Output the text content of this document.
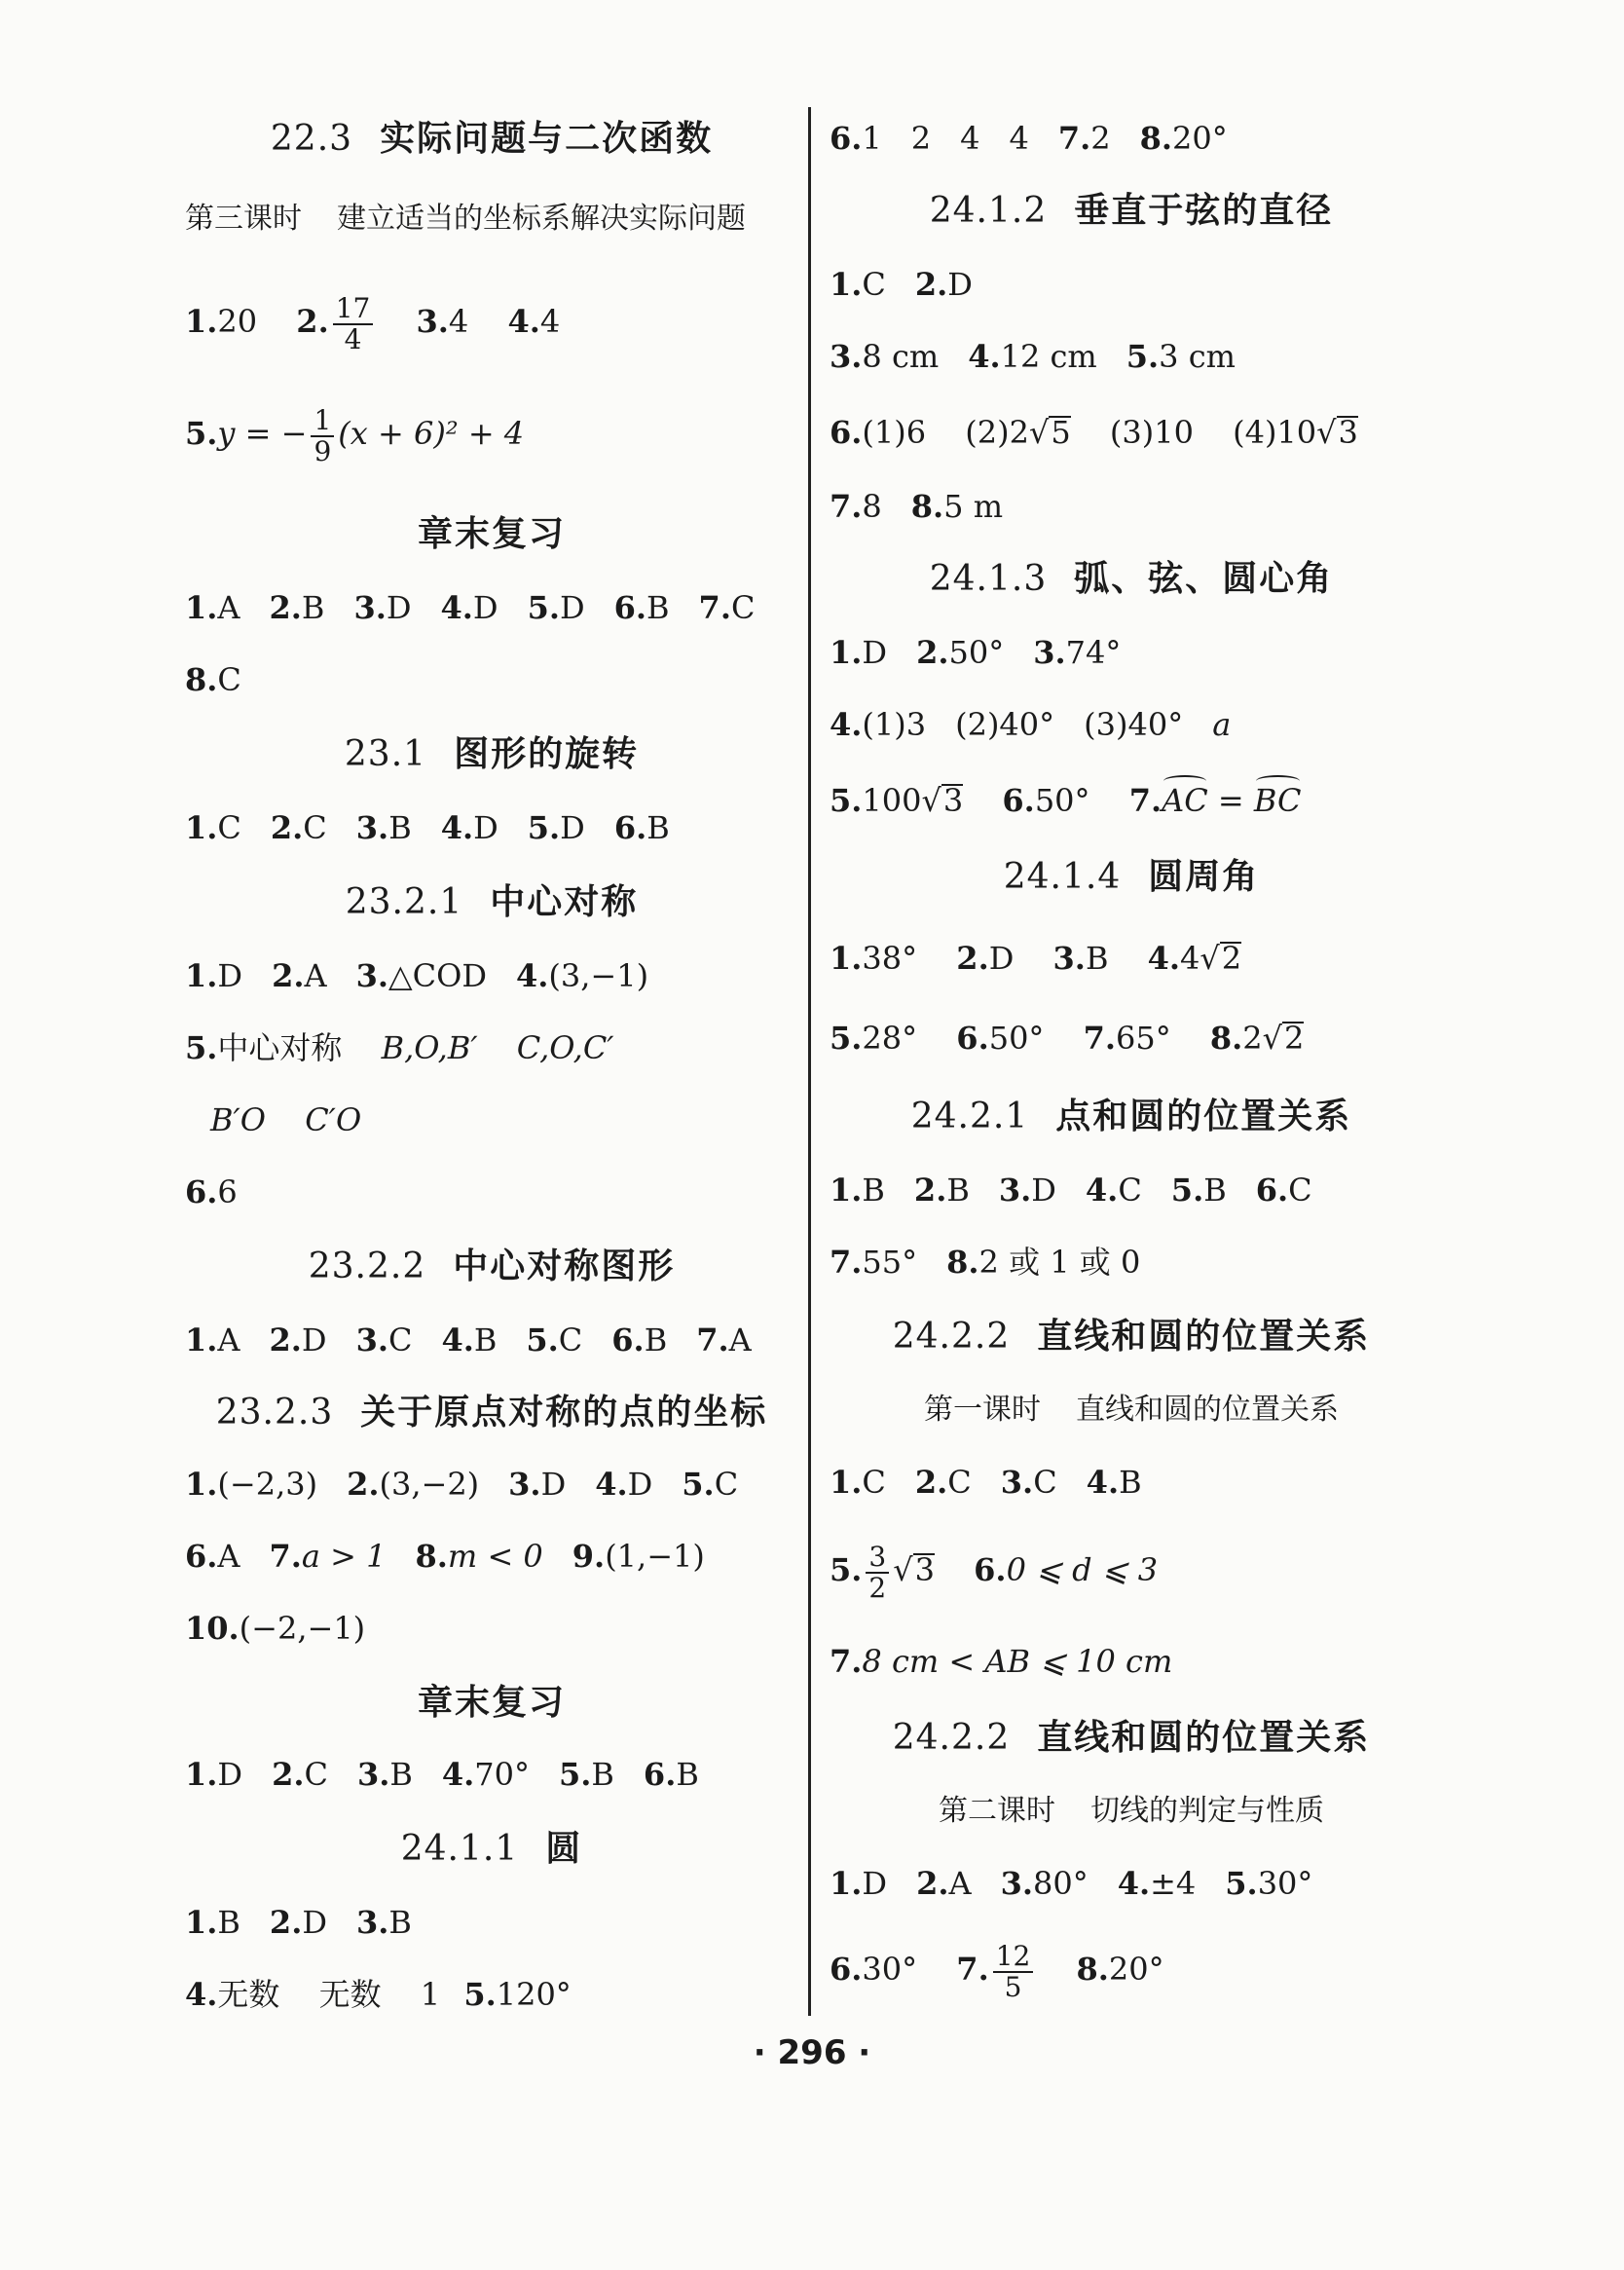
22.3 实际问题与二次函数
第三课时 建立适当的坐标系解决实际问题
1.20 2. $\frac{17}{4} 3.4$ 4.4
5.y = − $\frac{1}{9} (x + 6)^2 + 4$
章末复习
1.A 2.B 3.D 4.D 5.D 6.B 7.C
8.C
23.1 图形的旋转
1.C 2.C 3.B 4.D 5.D 6.B
23.2.1 中心对称
1.D 2.A 3.△COD 4.(3,−1)
5.中心对称 B,O,B′ C,O,C′
B′O C′O
6.6
23.2.2 中心对称图形
1.A 2.D 3.C 4.B 5.C 6.B 7.A
23.2.3 关于原点对称的点的坐标
1.(−2,3) 2.(3,−2) 3.D 4.D 5.C
6.A 7.a > 1 8.m < 0 9.(1,−1)
10.(−2,−1)
章末复习
1.D 2.C 3.B 4.70° 5.B 6.B
24.1.1 圆
1.B 2.D 3.B
4.无数 无数 1 5.120°
6.1 2 4 4 7.2 8.20°
24.1.2 垂直于弦的直径
1.C 2.D
3.8 cm 4.12 cm 5.3 cm
6.(1)6 (2)2√5 (3)10 (4)10√3
7.8 8.5 m
24.1.3 弧、弦、圆心角
1.D 2.50° 3.74°
4.(1)3 (2)40° (3)40° a
5.100√3 6.50° 7.AC = BC
24.1.4 圆周角
1.38° 2.D 3.B 4.4√2
5.28° 6.50° 7.65° 8.2√2
24.2.1 点和圆的位置关系
1.B 2.B 3.D 4.C 5.B 6.C
7.55° 8.2 或 1 或 0
24.2.2 直线和圆的位置关系
第一课时 直线和圆的位置关系
1.C 2.C 3.C 4.B
5. $\frac{3}{2} √3$ 6.0 ⩽ d ⩽ 3
7.8 cm < AB ⩽ 10 cm
24.2.2 直线和圆的位置关系
第二课时 切线的判定与性质
1.D 2.A 3.80° 4.±4 5.30°
6.30° 7. $\frac{12}{5} 8.20^\circ$
· 296 ·
